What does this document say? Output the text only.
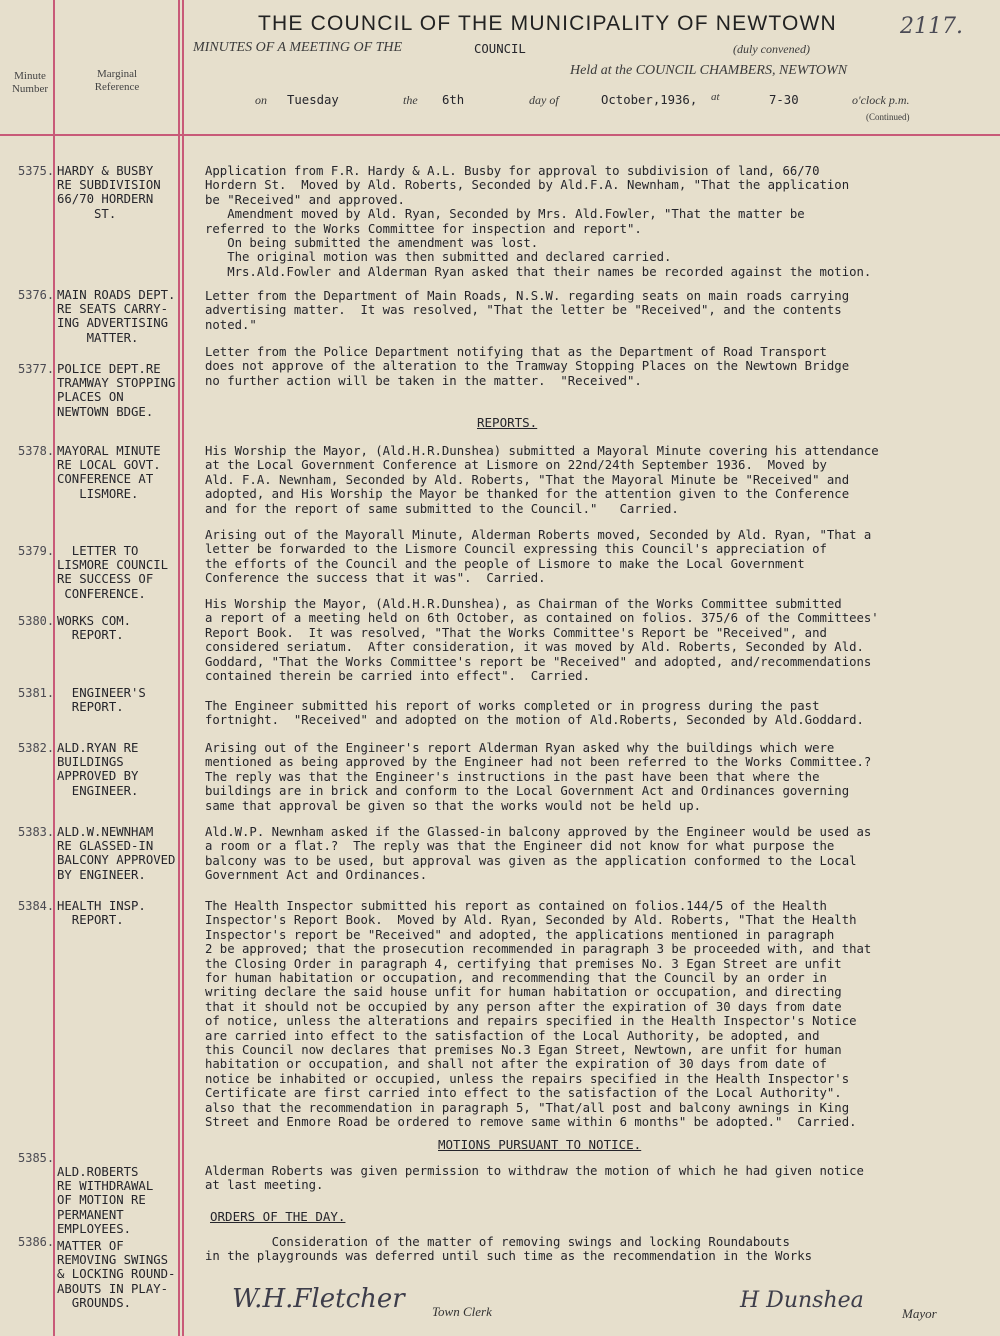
2117.
THE COUNCIL OF THE MUNICIPALITY OF NEWTOWN
MINUTES OF A MEETING OF THE	COUNCIL	(duly convened)
Held at the COUNCIL CHAMBERS, NEWTOWN
Minute
Number
Marginal
Reference
on Tuesday	the 6th	day of	October,1936, at	7-30	o'clock p.m.
(Continued)
5375. HARDY & BUSBY
RE SUBDIVISION
66/70 HORDERN
ST.
Application from F.R. Hardy & A.L. Busby for approval to subdivision of land, 66/70
Hordern St.  Moved by Ald. Roberts, Seconded by Ald.F.A. Newnham, "That the application
be "Received" and approved.
Amendment moved by Ald. Ryan, Seconded by Mrs. Ald.Fowler, "That the matter be
referred to the Works Committee for inspection and report".
On being submitted the amendment was lost.
The original motion was then submitted and declared carried.
Mrs.Ald.Fowler and Alderman Ryan asked that their names be recorded against the motion.
5376. MAIN ROADS DEPT.
RE SEATS CARRY-
ING ADVERTISING
MATTER.
Letter from the Department of Main Roads, N.S.W. regarding seats on main roads carrying
advertising matter.  It was resolved, "That the letter be "Received", and the contents
noted."
5377. POLICE DEPT.RE
TRAMWAY STOPPING
PLACES ON
NEWTOWN BDGE.
Letter from the Police Department notifying that as the Department of Road Transport
does not approve of the alteration to the Tramway Stopping Places on the Newtown Bridge
no further action will be taken in the matter.  "Received".
REPORTS.
5378. MAYORAL MINUTE
RE LOCAL GOVT.
CONFERENCE AT
LISMORE.
His Worship the Mayor, (Ald.H.R.Dunshea) submitted a Mayoral Minute covering his attendance
at the Local Government Conference at Lismore on 22nd/24th September 1936.  Moved by
Ald. F.A. Newnham, Seconded by Ald. Roberts, "That the Mayoral Minute be "Received" and
adopted, and His Worship the Mayor be thanked for the attention given to the Conference
and for the report of same submitted to the Council."   Carried.
5379.	LETTER TO
LISMORE COUNCIL
RE SUCCESS OF
CONFERENCE.
Arising out of the Mayorall Minute, Alderman Roberts moved, Seconded by Ald. Ryan, "That a
letter be forwarded to the Lismore Council expressing this Council's appreciation of
the efforts of the Council and the people of Lismore to make the Local Government
Conference the success that it was".  Carried.
5380. WORKS COM.
REPORT.
His Worship the Mayor, (Ald.H.R.Dunshea), as Chairman of the Works Committee submitted
a report of a meeting held on 6th October, as contained on folios. 375/6 of the Committees'
Report Book.  It was resolved, "That the Works Committee's Report be "Received", and
considered seriatum.  After consideration, it was moved by Ald. Roberts, Seconded by Ald.
Goddard, "That the Works Committee's report be "Received" and adopted, and/recommendations
contained therein be carried into effect".  Carried.
5381.	ENGINEER'S
REPORT.	The Engineer submitted his report of works completed or in progress during the past
fortnight.  "Received" and adopted on the motion of Ald.Roberts, Seconded by Ald.Goddard.
5382. ALD.RYAN RE
BUILDINGS
APPROVED BY
ENGINEER.
Arising out of the Engineer's report Alderman Ryan asked why the buildings which were
mentioned as being approved by the Engineer had not been referred to the Works Committee.?
The reply was that the Engineer's instructions in the past have been that where the
buildings are in brick and conform to the Local Government Act and Ordinances governing
same that approval be given so that the works would not be held up.
5383. ALD.W.NEWNHAM
RE GLASSED-IN
BALCONY APPROVED
BY ENGINEER.
Ald.W.P. Newnham asked if the Glassed-in balcony approved by the Engineer would be used as
a room or a flat.?  The reply was that the Engineer did not know for what purpose the
balcony was to be used, but approval was given as the application conformed to the Local
Government Act and Ordinances.
5384. HEALTH INSP.
REPORT.
The Health Inspector submitted his report as contained on folios.144/5 of the Health
Inspector's Report Book.  Moved by Ald. Ryan, Seconded by Ald. Roberts, "That the Health
Inspector's report be "Received" and adopted, the applications mentioned in paragraph
2 be approved; that the prosecution recommended in paragraph 3 be proceeded with, and that
the Closing Order in paragraph 4, certifying that premises No. 3 Egan Street are unfit
for human habitation or occupation, and recommending that the Council by an order in
writing declare the said house unfit for human habitation or occupation, and directing
that it should not be occupied by any person after the expiration of 30 days from date
of notice, unless the alterations and repairs specified in the Health Inspector's Notice
are carried into effect to the satisfaction of the Local Authority, be adopted, and
this Council now declares that premises No.3 Egan Street, Newtown, are unfit for human
habitation or occupation, and shall not after the expiration of 30 days from date of
notice be inhabited or occupied, unless the repairs specified in the Health Inspector's
Certificate are first carried into effect to the satisfaction of the Local Authority".
also that the recommendation in paragraph 5, "That/all post and balcony awnings in King
Street and Enmore Road be ordered to remove same within 6 months" be adopted."  Carried.
MOTIONS PURSUANT TO NOTICE.
5385.
ALD.ROBERTS
RE WITHDRAWAL
OF MOTION RE
PERMANENT
EMPLOYEES.
Alderman Roberts was given permission to withdraw the motion of which he had given notice
at last meeting.
ORDERS OF THE DAY.
5386. MATTER OF
REMOVING SWINGS
& LOCKING ROUND-
ABOUTS IN PLAY-
GROUNDS.
Consideration of the matter of removing swings and locking Roundabouts
in the playgrounds was deferred until such time as the recommendation in the Works
W.H.Fletcher Town Clerk	H Dunshea
Mayor
